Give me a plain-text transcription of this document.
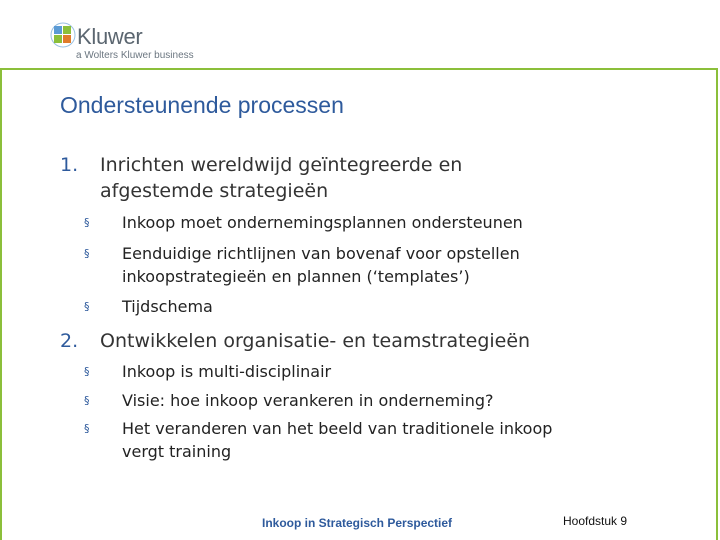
Kluwer
a Wolters Kluwer business
Ondersteunende processen
1.	Inrichten wereldwijd geïntegreerde en
afgestemde strategieën
§ Inkoop moet ondernemingsplannen ondersteunen
§ Eenduidige richtlijnen van bovenaf voor opstellen
inkoopstrategieën en plannen (‘templates’)
§ Tijdschema
2.	Ontwikkelen organisatie- en teamstrategieën
§ Inkoop is multi-disciplinair
§ Visie: hoe inkoop verankeren in onderneming?
§ Het veranderen van het beeld van traditionele inkoop
vergt training
Inkoop in Strategisch Perspectief	Hoofdstuk 9
